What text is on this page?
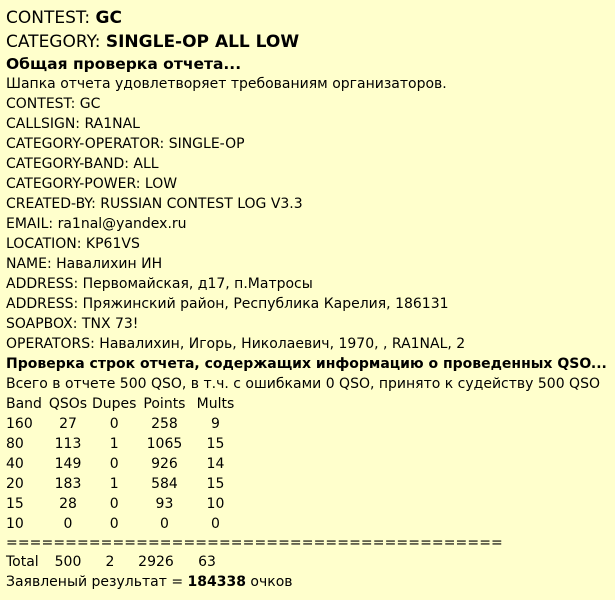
CONTEST: GC
CATEGORY: SINGLE-OP ALL LOW
Общая проверка отчета...
Шапка отчета удовлетворяет требованиям организаторов.
CONTEST: GC
CALLSIGN: RA1NAL
CATEGORY-OPERATOR: SINGLE-OP
CATEGORY-BAND: ALL
CATEGORY-POWER: LOW
CREATED-BY: RUSSIAN CONTEST LOG V3.3
EMAIL: ra1nal@yandex.ru
LOCATION: KP61VS
NAME: Навалихин ИН
ADDRESS: Первомайская, д17, п.Матросы
ADDRESS: Пряжинский район, Республика Карелия, 186131
SOAPBOX: TNX 73!
OPERATORS: Навалихин, Игорь, Николаевич, 1970, , RA1NAL, 2
Проверка строк отчета, содержащих информацию о проведенных QSO...
Всего в отчете 500 QSO, в т.ч. с ошибками 0 QSO, принято к судейству 500 QSO
Band	QSOs	Dupes	Points	Mults
160	27	0	258	9
80	113	1	1065	15
40	149	0	926	14
20	183	1	584	15
15	28	0	93	10
10	0	0	0	0
==========================================
Total	500	2	2926	63
Заявленый результат = 184338 очков
